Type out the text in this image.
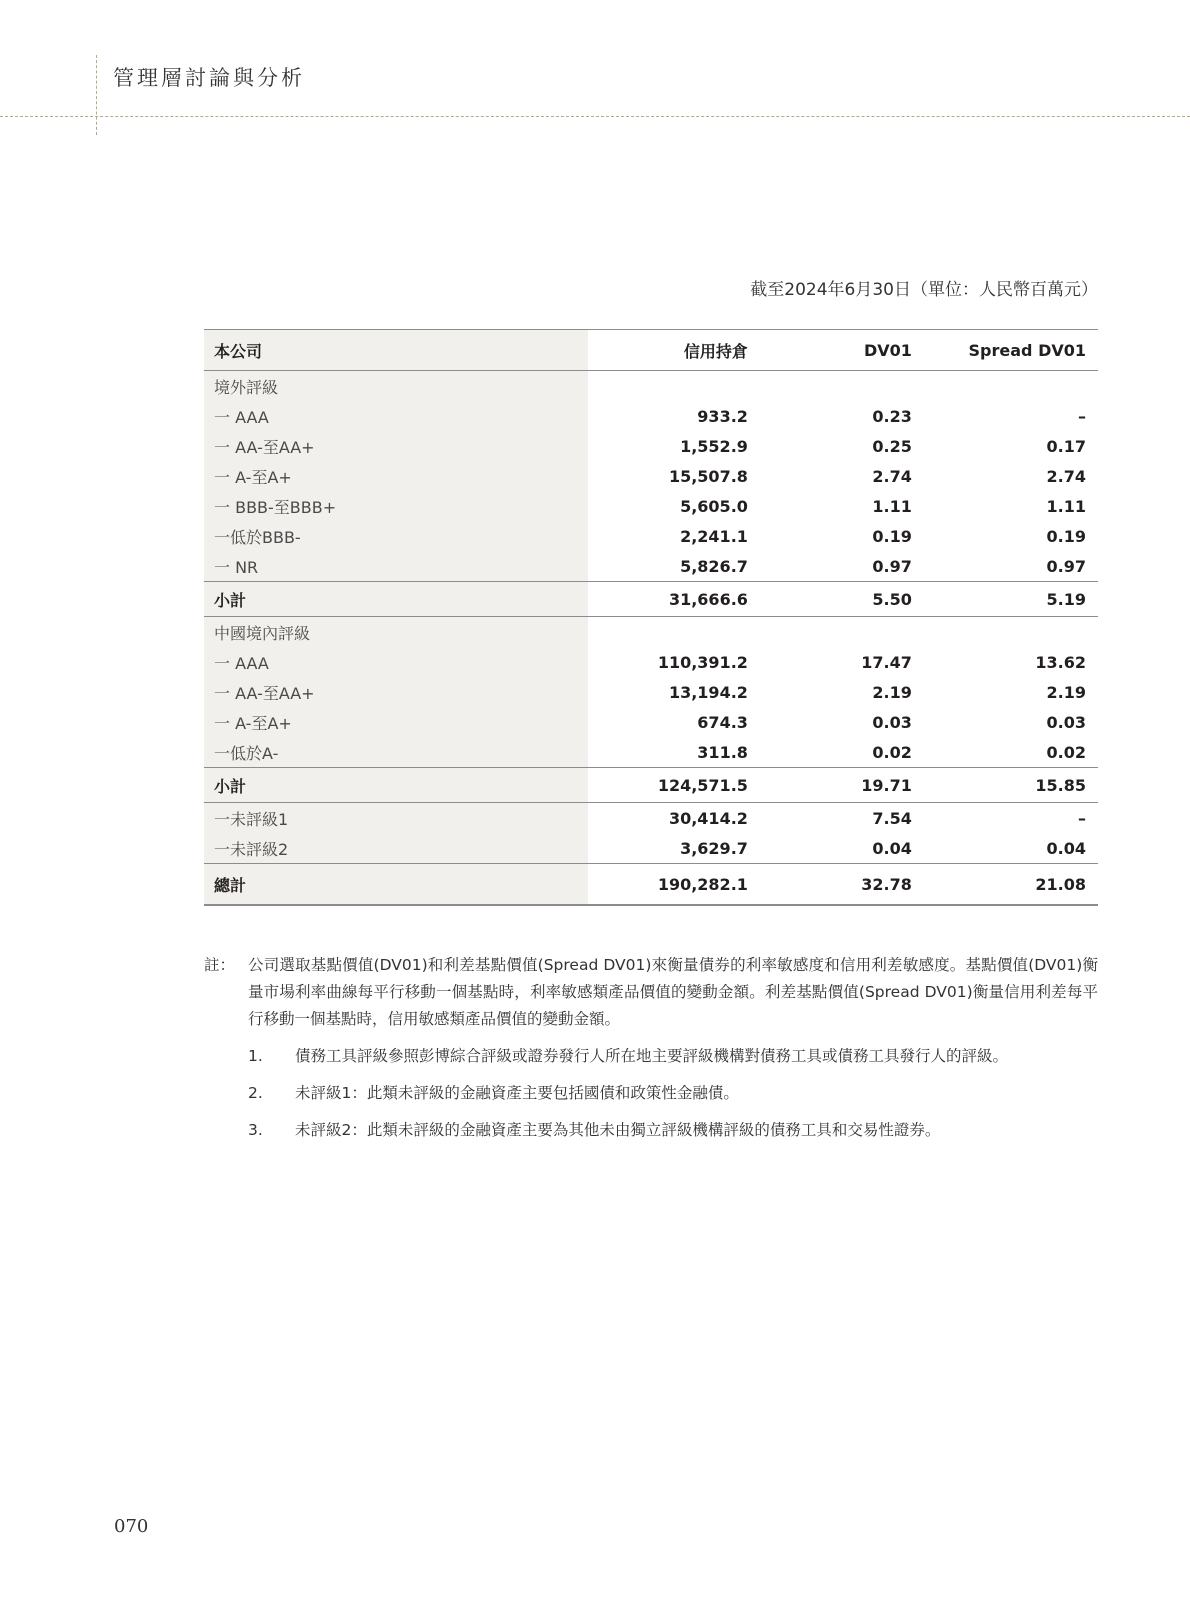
管理層討論與分析
截至2024年6月30日（單位：人民幣百萬元）
本公司	信用持倉	DV01	Spread DV01
境外評級			
一 AAA	933.2	0.23	–
一 AA-至AA+	1,552.9	0.25	0.17
一 A-至A+	15,507.8	2.74	2.74
一 BBB-至BBB+	5,605.0	1.11	1.11
一低於BBB-	2,241.1	0.19	0.19
一 NR	5,826.7	0.97	0.97
小計	31,666.6	5.50	5.19
中國境內評級			
一 AAA	110,391.2	17.47	13.62
一 AA-至AA+	13,194.2	2.19	2.19
一 A-至A+	674.3	0.03	0.03
一低於A-	311.8	0.02	0.02
小計	124,571.5	19.71	15.85
一未評級1	30,414.2	7.54	–
一未評級2	3,629.7	0.04	0.04
總計	190,282.1	32.78	21.08
註： 公司選取基點價值(DV01)和利差基點價值(Spread DV01)來衡量債券的利率敏感度和信用利差敏感度。基點價值(DV01)衡量市場利率曲線每平行移動一個基點時，利率敏感類產品價值的變動金額。利差基點價值(Spread DV01)衡量信用利差每平行移動一個基點時，信用敏感類產品價值的變動金額。
1.	債務工具評級參照彭博綜合評級或證券發行人所在地主要評級機構對債務工具或債務工具發行人的評級。
2.	未評級1：此類未評級的金融資產主要包括國債和政策性金融債。
3.	未評級2：此類未評級的金融資產主要為其他未由獨立評級機構評級的債務工具和交易性證券。
070
